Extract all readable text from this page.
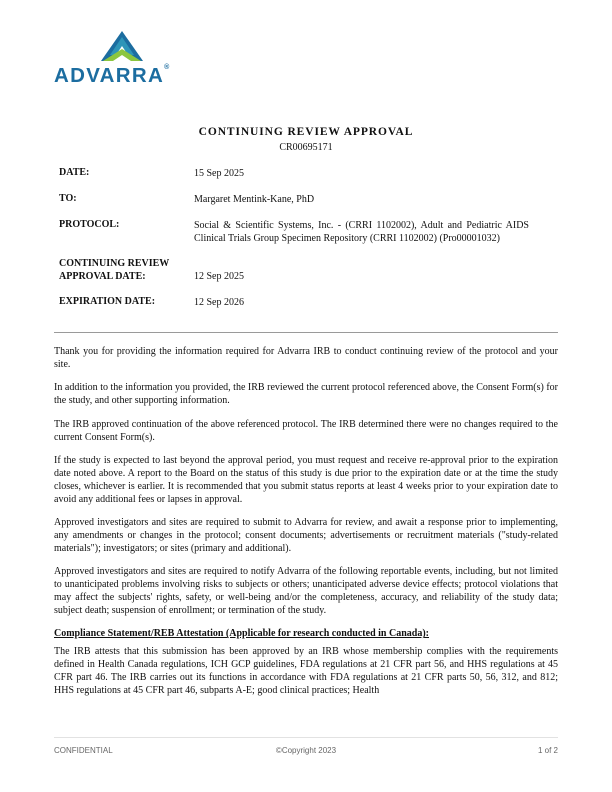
ADVARRA®
CONTINUING REVIEW APPROVAL
CR00695171
DATE:	15 Sep 2025
TO:	Margaret Mentink-Kane, PhD
PROTOCOL:	Social & Scientific Systems, Inc. - (CRRI 1102002), Adult and Pediatric AIDS Clinical Trials Group Specimen Repository (CRRI 1102002) (Pro00001032)
CONTINUING REVIEW
APPROVAL DATE:	12 Sep 2025
EXPIRATION DATE:	12 Sep 2026

Thank you for providing the information required for Advarra IRB to conduct continuing review of the protocol and your site.

In addition to the information you provided, the IRB reviewed the current protocol referenced above, the Consent Form(s) for the study, and other supporting information.

The IRB approved continuation of the above referenced protocol. The IRB determined there were no changes required to the current Consent Form(s).

If the study is expected to last beyond the approval period, you must request and receive re-approval prior to the expiration date noted above. A report to the Board on the status of this study is due prior to the expiration date or at the time the study closes, whichever is earlier. It is recommended that you submit status reports at least 4 weeks prior to your expiration date to avoid any additional fees or lapses in approval.

Approved investigators and sites are required to submit to Advarra for review, and await a response prior to implementing, any amendments or changes in the protocol; consent documents; advertisements or recruitment materials ("study-related materials"); investigators; or sites (primary and additional).

Approved investigators and sites are required to notify Advarra of the following reportable events, including, but not limited to unanticipated problems involving risks to subjects or others; unanticipated adverse device effects; protocol violations that may affect the subjects' rights, safety, or well-being and/or the completeness, accuracy, and reliability of the study data; subject death; suspension of enrollment; or termination of the study.

Compliance Statement/REB Attestation (Applicable for research conducted in Canada):

The IRB attests that this submission has been approved by an IRB whose membership complies with the requirements defined in Health Canada regulations, ICH GCP guidelines, FDA regulations at 21 CFR part 56, and HHS regulations at 45 CFR part 46. The IRB carries out its functions in accordance with FDA regulations at 21 CFR parts 50, 56, 312, and 812; HHS regulations at 45 CFR part 46, subparts A-E; good clinical practices; Health

CONFIDENTIAL	©Copyright 2023	1 of 2
